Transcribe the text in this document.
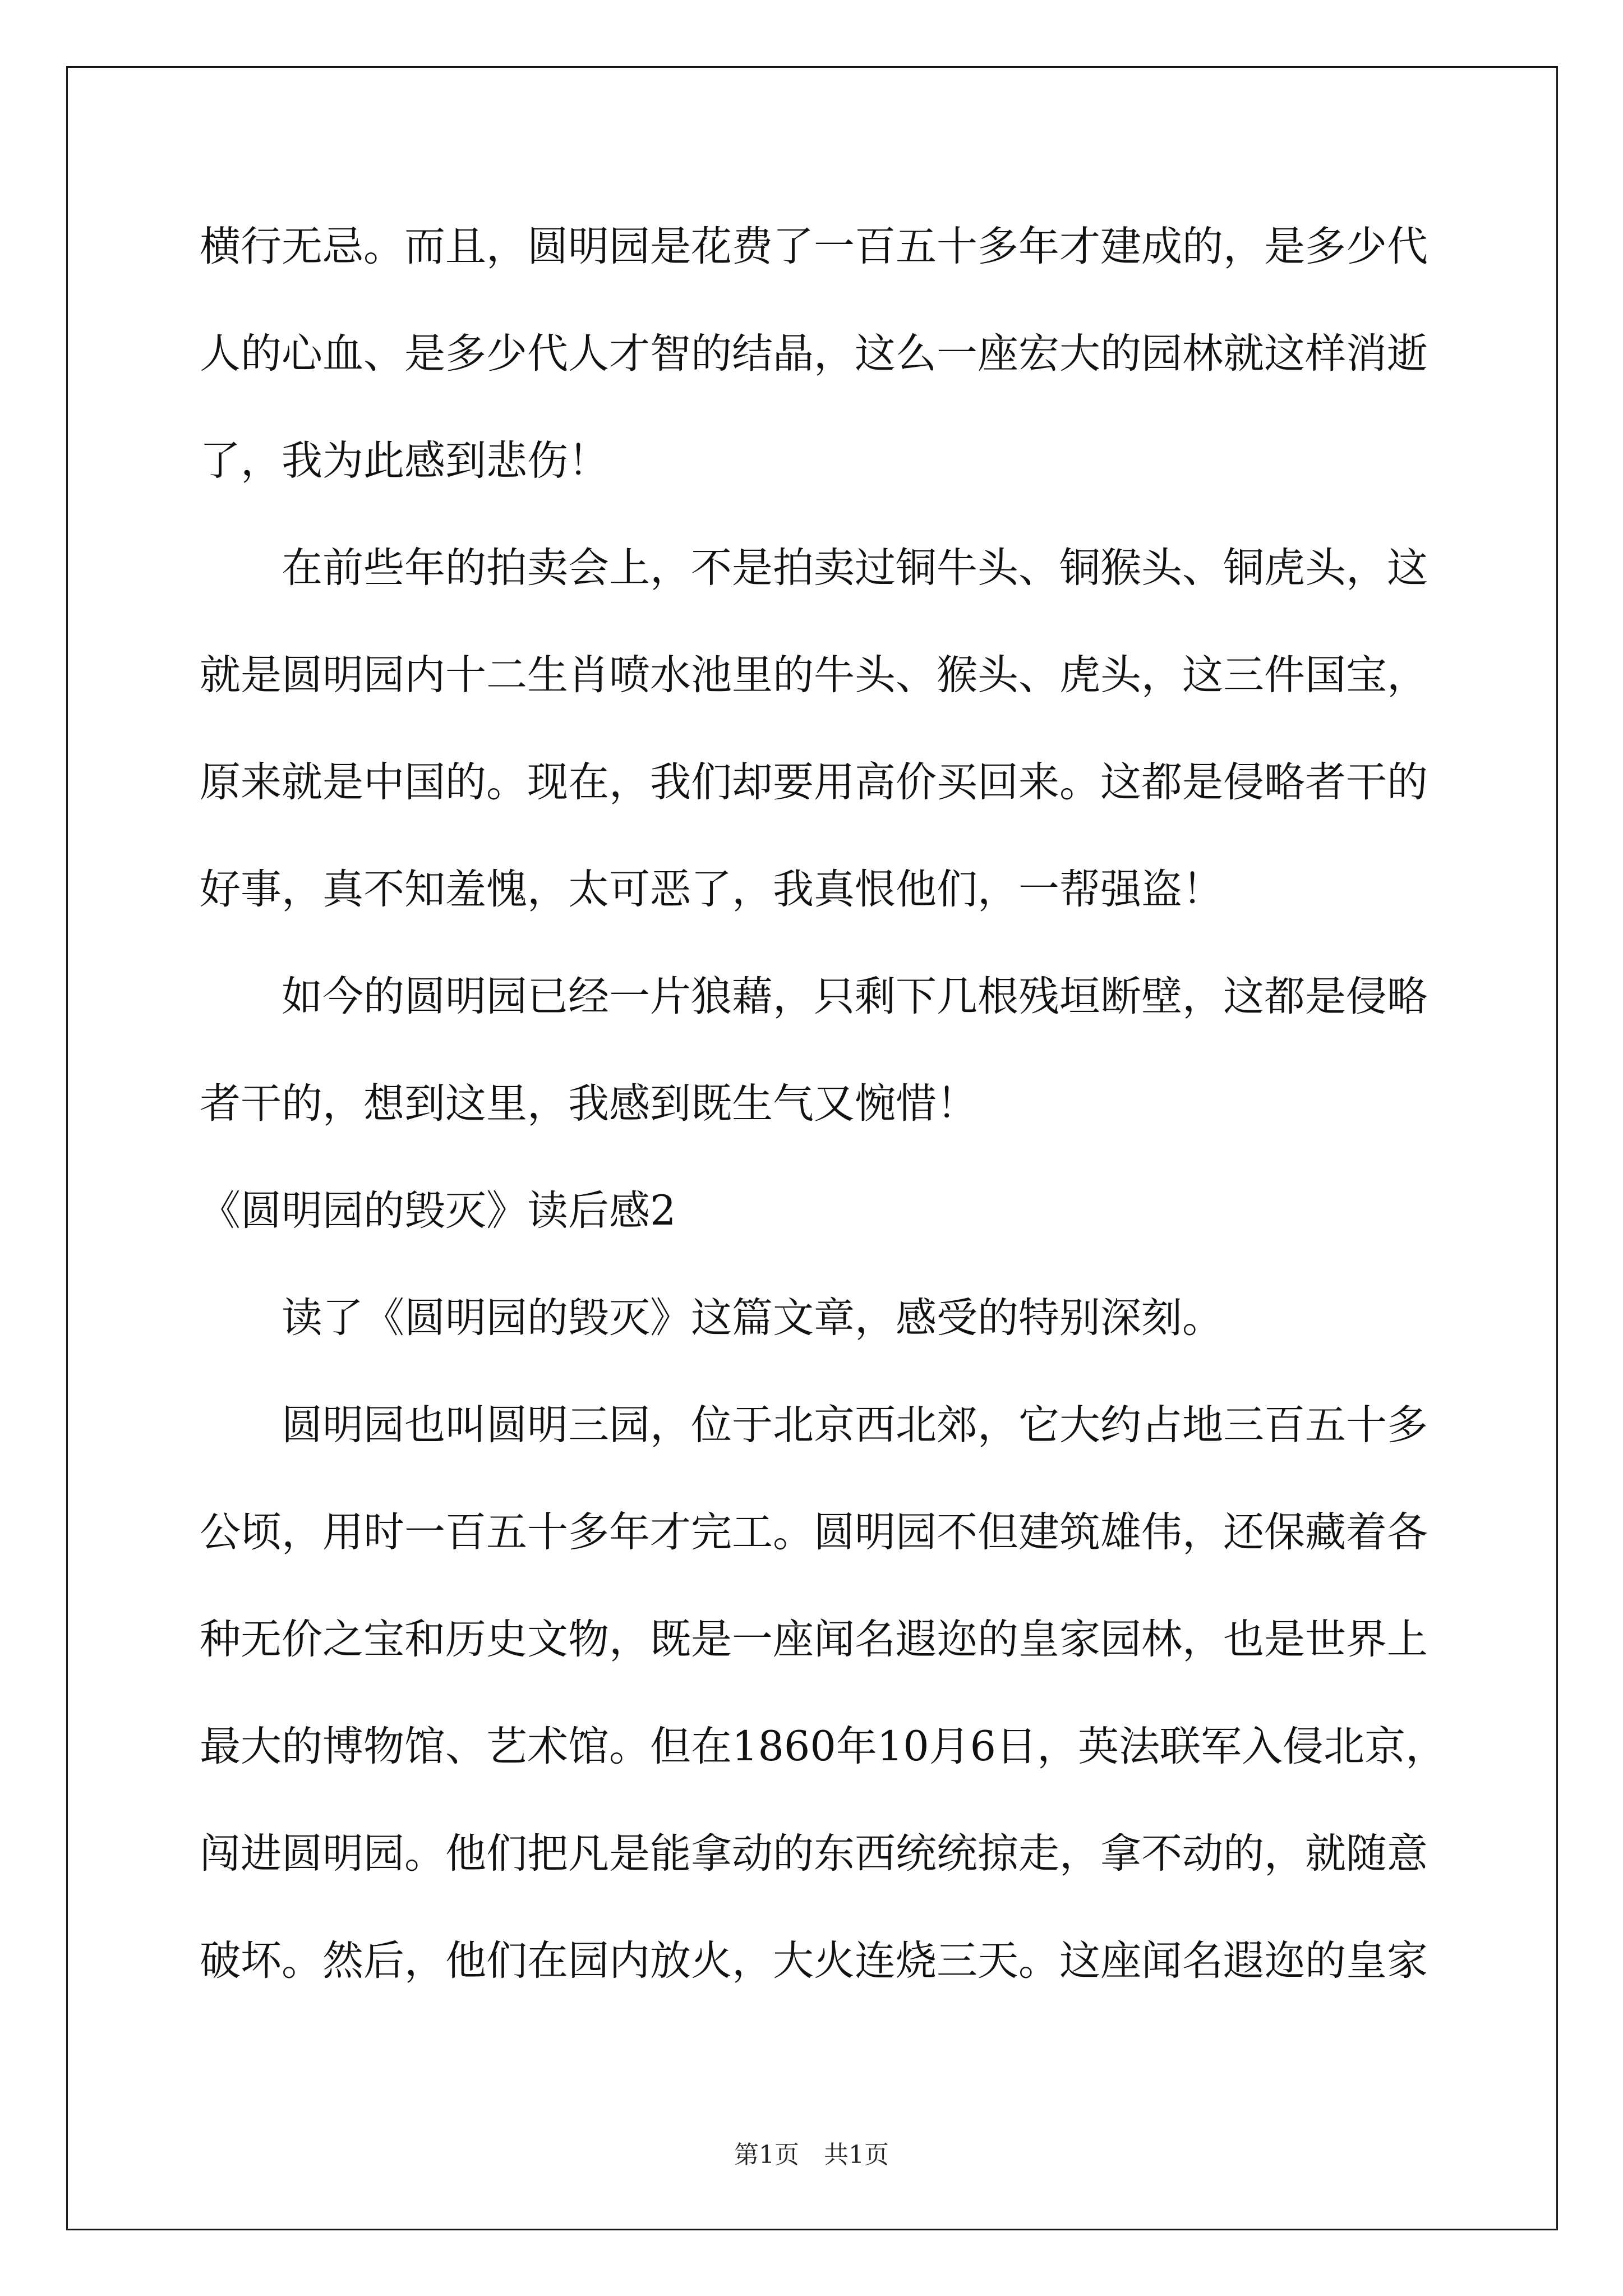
横行无忌。而且，圆明园是花费了一百五十多年才建成的，是多少代
人的心血、是多少代人才智的结晶，这么一座宏大的园林就这样消逝
了，我为此感到悲伤！
　　在前些年的拍卖会上，不是拍卖过铜牛头、铜猴头、铜虎头，这
就是圆明园内十二生肖喷水池里的牛头、猴头、虎头，这三件国宝，
原来就是中国的。现在，我们却要用高价买回来。这都是侵略者干的
好事，真不知羞愧，太可恶了，我真恨他们，一帮强盗！
　　如今的圆明园已经一片狼藉，只剩下几根残垣断壁，这都是侵略
者干的，想到这里，我感到既生气又惋惜！
《圆明园的毁灭》读后感2
　　读了《圆明园的毁灭》这篇文章，感受的特别深刻。
　　圆明园也叫圆明三园，位于北京西北郊，它大约占地三百五十多
公顷，用时一百五十多年才完工。圆明园不但建筑雄伟，还保藏着各
种无价之宝和历史文物，既是一座闻名遐迩的皇家园林，也是世界上
最大的博物馆、艺术馆。但在1860年10月6日，英法联军入侵北京，
闯进圆明园。他们把凡是能拿动的东西统统掠走，拿不动的，就随意
破坏。然后，他们在园内放火，大火连烧三天。这座闻名遐迩的皇家
第1页　共1页
